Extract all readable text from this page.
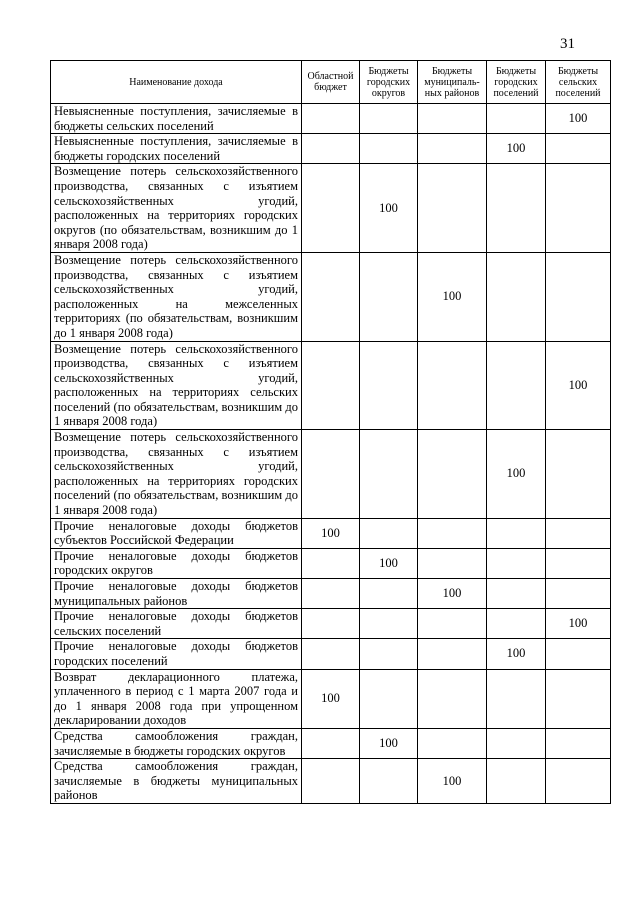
31
Наименование дохода	Областной бюджет	Бюджеты городских округов	Бюджеты муниципаль-ных районов	Бюджеты городских поселений	Бюджеты сельских поселений
Невыясненные поступления, зачисляемые в бюджеты сельских поселений					100
Невыясненные поступления, зачисляемые в бюджеты городских поселений				100	
Возмещение потерь сельскохозяйственного производства, связанных с изъятием сельскохозяйственных угодий, расположенных на территориях городских округов (по обязательствам, возникшим до 1 января 2008 года)		100			
Возмещение потерь сельскохозяйственного производства, связанных с изъятием сельскохозяйственных угодий, расположенных на межселенных территориях (по обязательствам, возникшим до 1 января 2008 года)			100		
Возмещение потерь сельскохозяйственного производства, связанных с изъятием сельскохозяйственных угодий, расположенных на территориях сельских поселений (по обязательствам, возникшим до 1 января 2008 года)					100
Возмещение потерь сельскохозяйственного производства, связанных с изъятием сельскохозяйственных угодий, расположенных на территориях городских поселений (по обязательствам, возникшим до 1 января 2008 года)				100	
Прочие неналоговые доходы бюджетов субъектов Российской Федерации	100				
Прочие неналоговые доходы бюджетов городских округов		100			
Прочие неналоговые доходы бюджетов муниципальных районов			100		
Прочие неналоговые доходы бюджетов сельских поселений					100
Прочие неналоговые доходы бюджетов городских поселений				100	
Возврат декларационного платежа, уплаченного в период с 1 марта 2007 года и до 1 января 2008 года при упрощенном декларировании доходов	100				
Средства самообложения граждан, зачисляемые в бюджеты городских округов		100			
Средства самообложения граждан, зачисляемые в бюджеты муниципальных районов			100		
